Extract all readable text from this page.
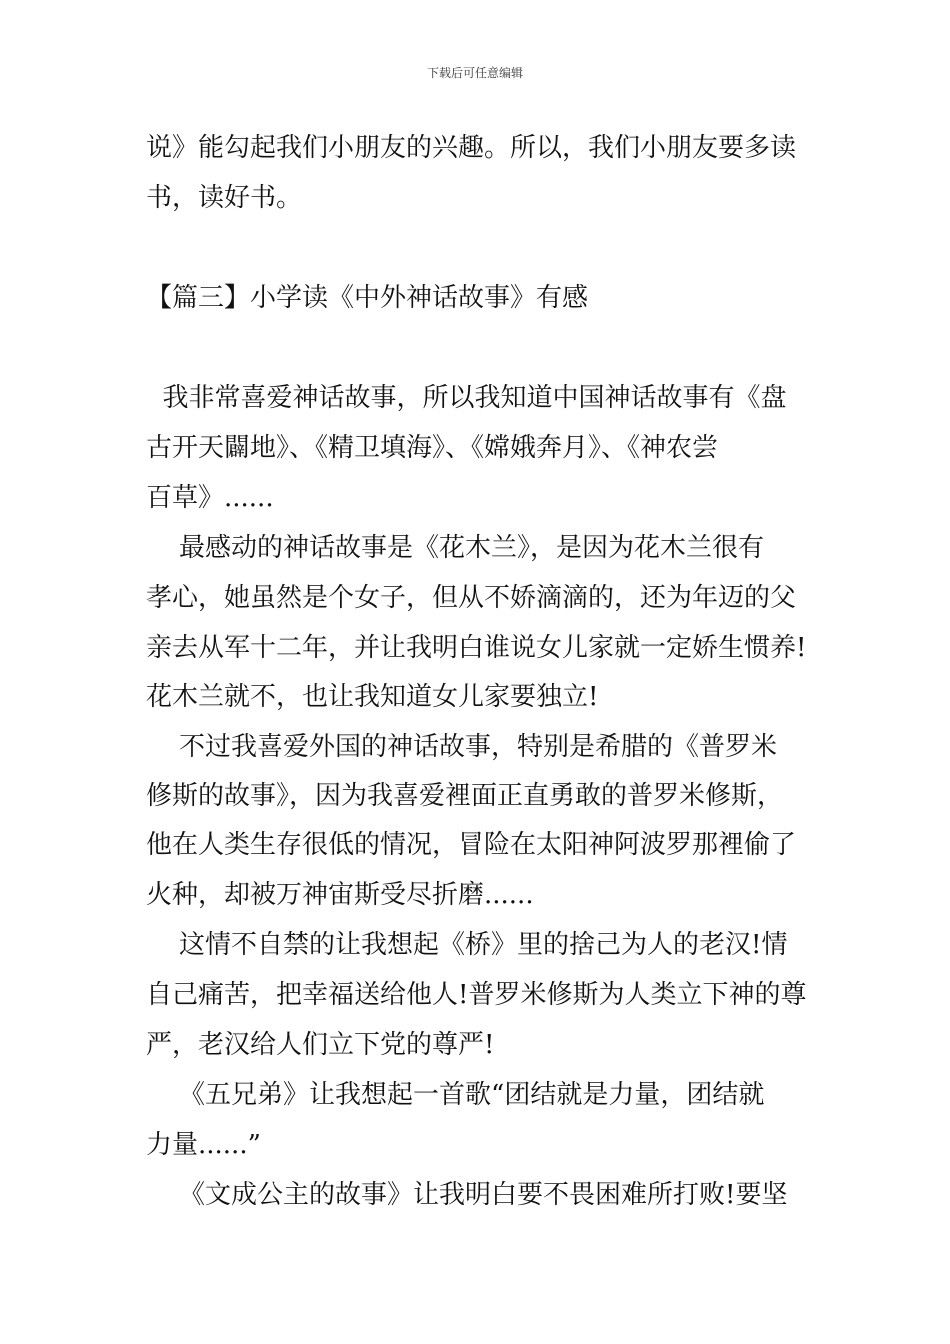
下载后可任意编辑
说》能勾起我们小朋友的兴趣。所以，我们小朋友要多读
书，读好书。
【篇三】小学读《中外神话故事》有感
我非常喜爱神话故事，所以我知道中国神话故事有《盘
古开天闢地》、《精卫填海》、《嫦娥奔月》、《神农尝
百草》......
最感动的神话故事是《花木兰》，是因为花木兰很有
孝心，她虽然是个女子，但从不娇滴滴的，还为年迈的父
亲去从军十二年，并让我明白谁说女儿家就一定娇生惯养!
花木兰就不，也让我知道女儿家要独立!
不过我喜爱外国的神话故事，特别是希腊的《普罗米
修斯的故事》，因为我喜爱裡面正直勇敢的普罗米修斯，
他在人类生存很低的情况，冒险在太阳神阿波罗那裡偷了
火种，却被万神宙斯受尽折磨......
这情不自禁的让我想起《桥》里的捨己为人的老汉!情
自己痛苦，把幸福送给他人!普罗米修斯为人类立下神的尊
严，老汉给人们立下党的尊严!
《五兄弟》让我想起一首歌“团结就是力量，团结就
力量......”
《文成公主的故事》让我明白要不畏困难所打败!要坚
